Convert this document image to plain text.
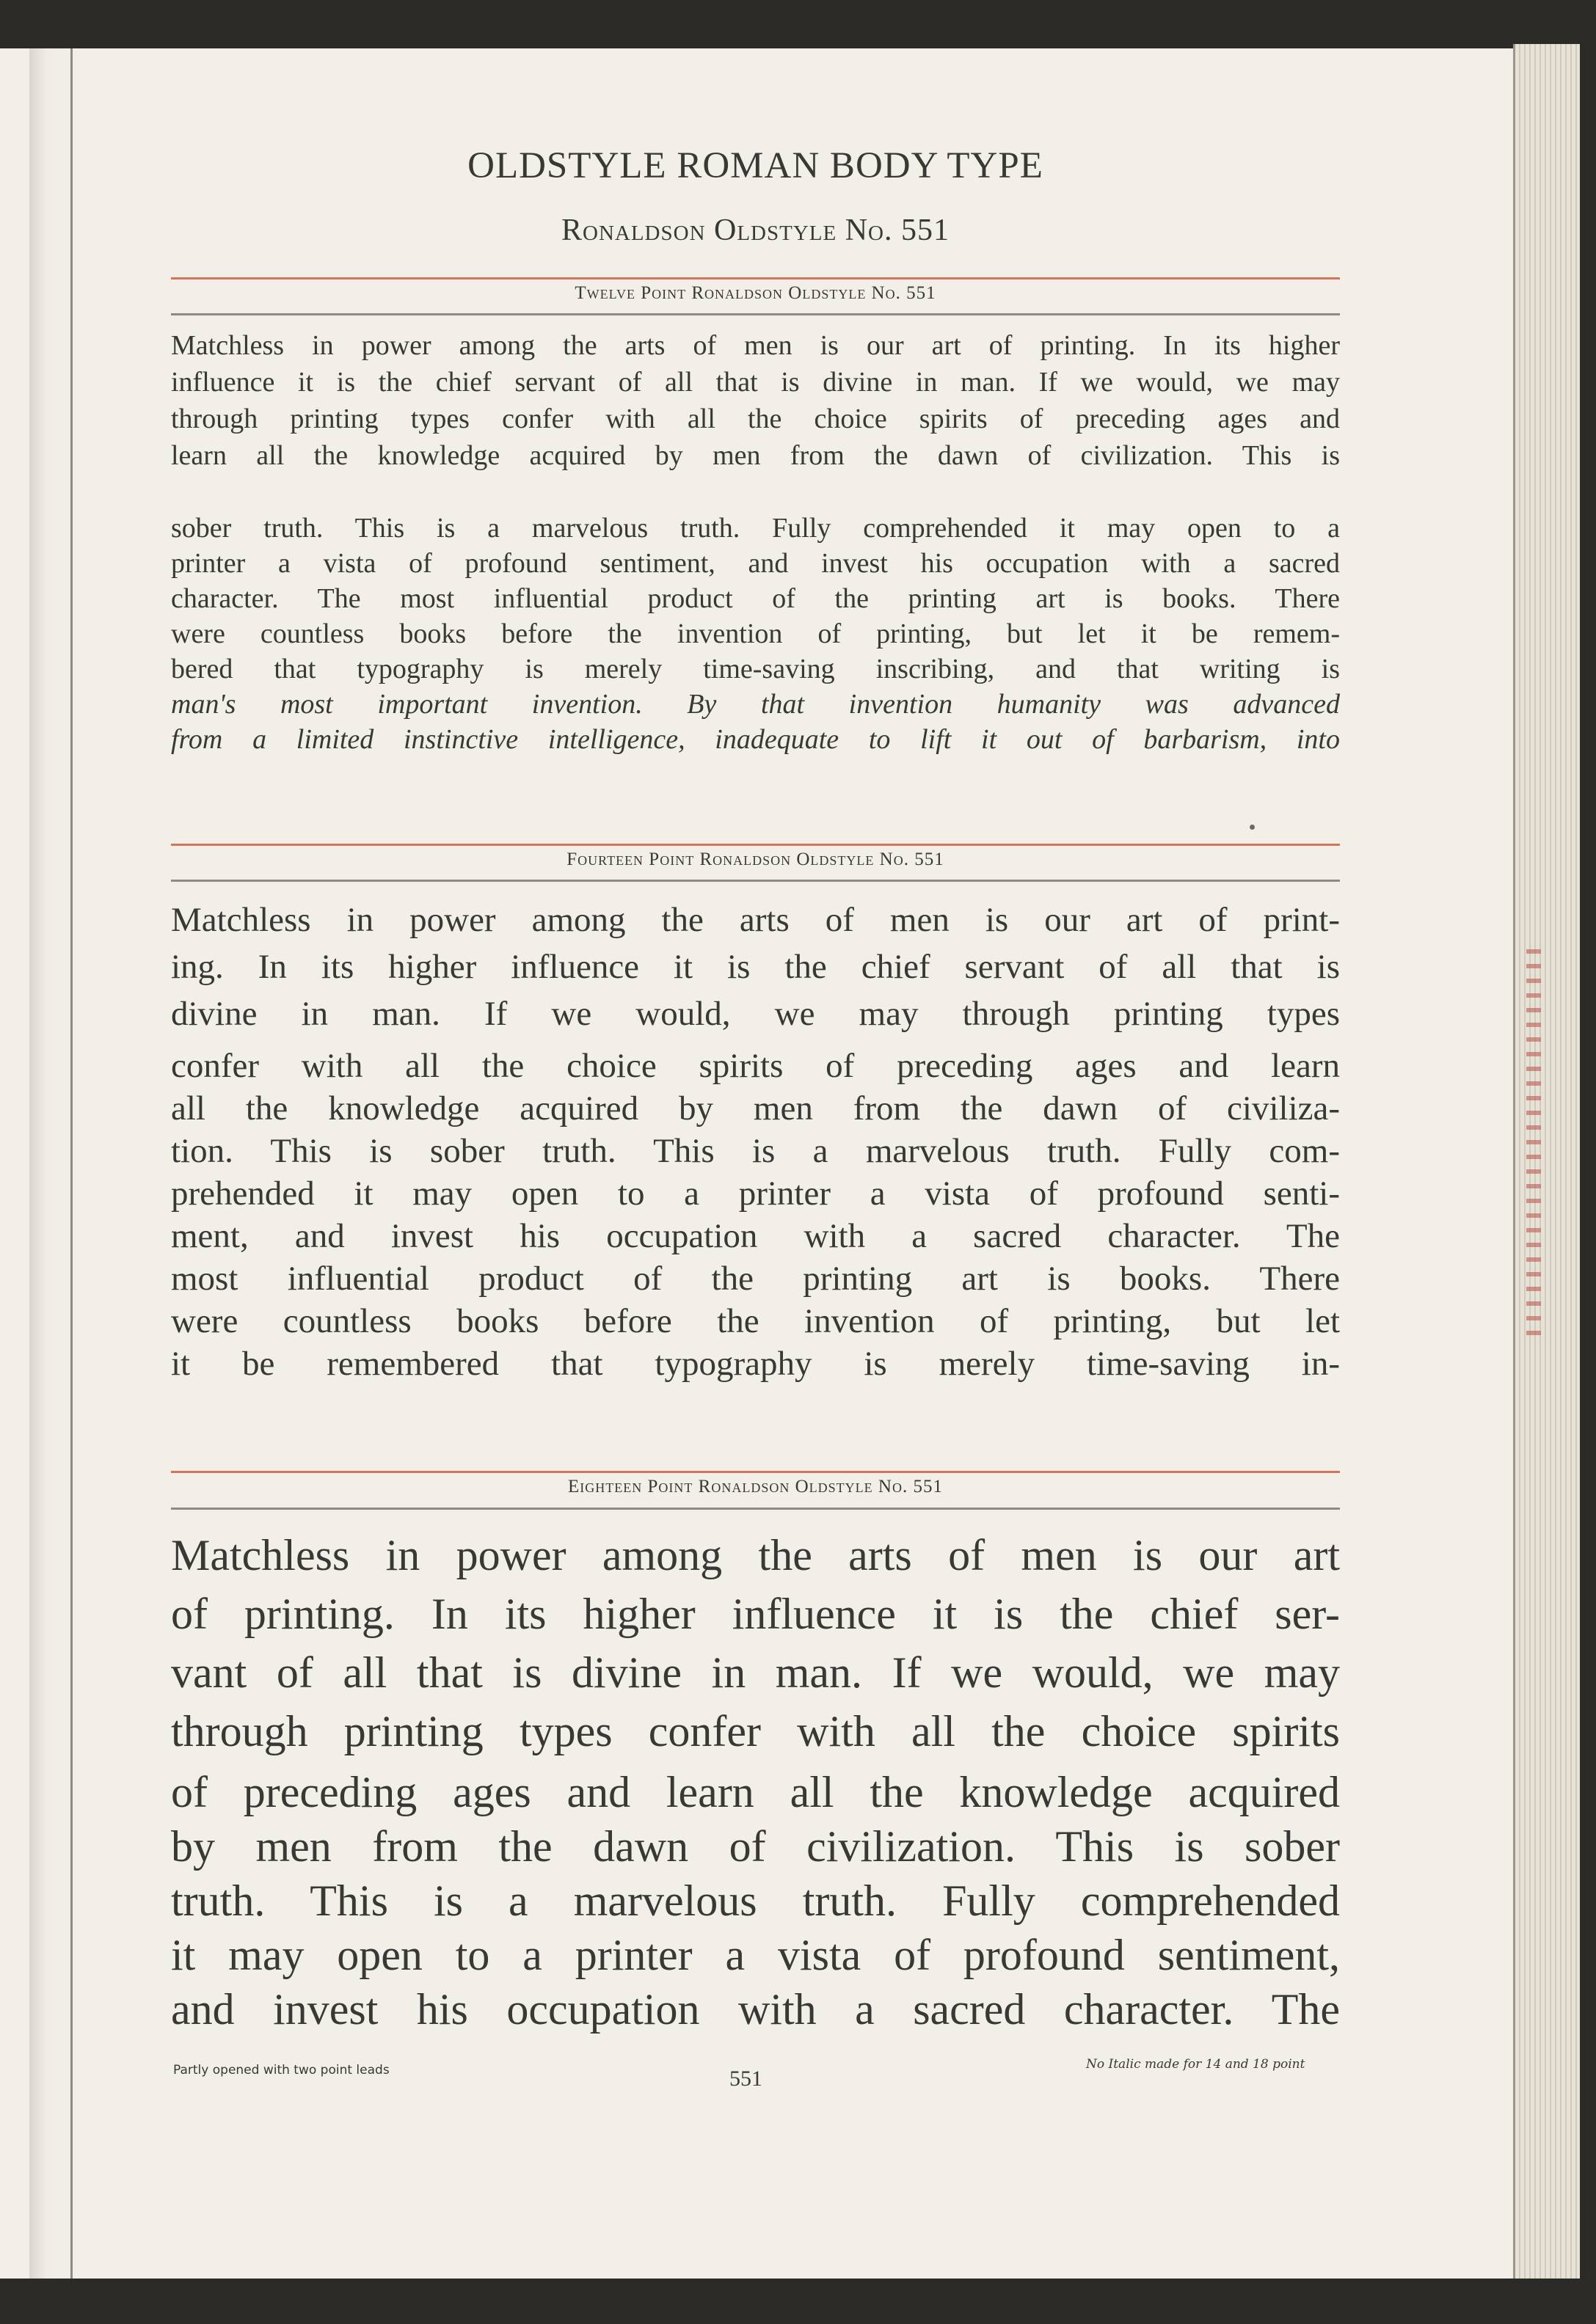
OLDSTYLE ROMAN BODY TYPE
Ronaldson Oldstyle No. 551
Twelve Point Ronaldson Oldstyle No. 551
Matchless in power among the arts of men is our art of printing. In its higher
influence it is the chief servant of all that is divine in man. If we would, we may
through printing types confer with all the choice spirits of preceding ages and
learn all the knowledge acquired by men from the dawn of civilization. This is
sober truth. This is a marvelous truth. Fully comprehended it may open to a
printer a vista of profound sentiment, and invest his occupation with a sacred
character. The most influential product of the printing art is books. There
were countless books before the invention of printing, but let it be remem-
bered that typography is merely time-saving inscribing, and that writing is
man's most important invention. By that invention humanity was advanced
from a limited instinctive intelligence, inadequate to lift it out of barbarism, into
Fourteen Point Ronaldson Oldstyle No. 551
Matchless in power among the arts of men is our art of print-
ing. In its higher influence it is the chief servant of all that is
divine in man. If we would, we may through printing types
confer with all the choice spirits of preceding ages and learn
all the knowledge acquired by men from the dawn of civiliza-
tion. This is sober truth. This is a marvelous truth. Fully com-
prehended it may open to a printer a vista of profound senti-
ment, and invest his occupation with a sacred character. The
most influential product of the printing art is books. There
were countless books before the invention of printing, but let
it be remembered that typography is merely time-saving in-
Eighteen Point Ronaldson Oldstyle No. 551
Matchless in power among the arts of men is our art
of printing. In its higher influence it is the chief ser-
vant of all that is divine in man. If we would, we may
through printing types confer with all the choice spirits
of preceding ages and learn all the knowledge acquired
by men from the dawn of civilization. This is sober
truth. This is a marvelous truth. Fully comprehended
it may open to a printer a vista of profound sentiment,
and invest his occupation with a sacred character. The
Partly opened with two point leads	No Italic made for 14 and 18 point
551
